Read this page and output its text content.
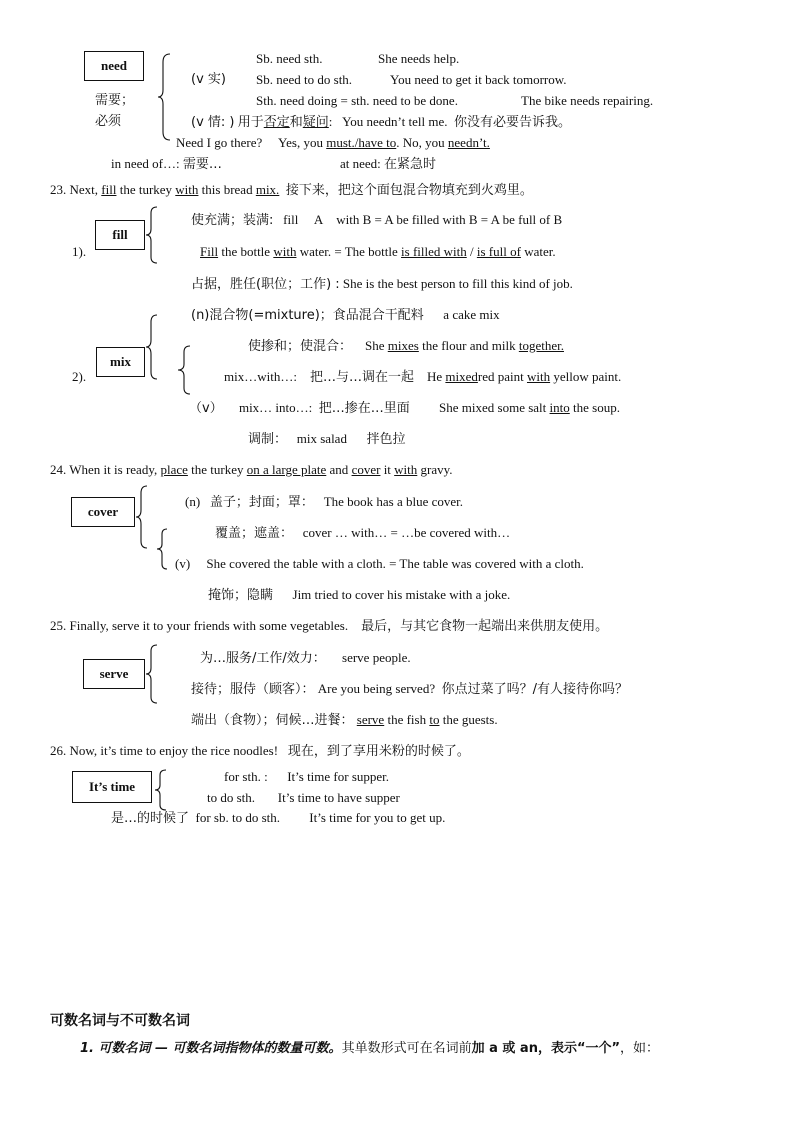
need
需要；
必须
Sb. need sth.	She needs help.
(v 实) Sb. need to do sth.	You need to get it back tomorrow.
Sth. need doing = sth. need to be done.	The bike needs repairing.
(v 情: ) 用于否定和疑问: You needn’t tell me. 你没有必要告诉我。
Need I go there? Yes, you must./have to. No, you needn’t.
in need of…: 需要…	at need: 在紧急时
23. Next, fill the turkey with this bread mix. 接下来，把这个面包混合物填充到火鸡里。
1).
fill
使充满；装满: fill A with B = A be filled with B = A be full of B
Fill the bottle with water. = The bottle is filled with / is full of water.
占据，胜任(职位；工作) : She is the best person to fill this kind of job.
(n)混合物(=mixture)；食品混合干配料 a cake mix
2).
mix
使掺和；使混合： She mixes the flour and milk together.
mix…with…: 把…与…调在一起 He mixedred paint with yellow paint.
（v） mix… into…: 把…掺在…里面 She mixed some salt into the soup.
调制： mix salad 拌色拉
24. When it is ready, place the turkey on a large plate and cover it with gravy.
cover
(n) 盖子；封面；罩： The book has a blue cover.
覆盖；遮盖： cover … with… = …be covered with…
(v) She covered the table with a cloth. = The table was covered with a cloth.
掩饰；隐瞒 Jim tried to cover his mistake with a joke.
25. Finally, serve it to your friends with some vegetables. 最后，与其它食物一起端出来供朋友使用。
serve
为…服务/工作/效力： serve people.
接待；服侍（顾客）： Are you being served? 你点过菜了吗？/有人接待你吗？
端出（食物）；伺候…进餐： serve the fish to the guests.
26. Now, it’s time to enjoy the rice noodles! 现在，到了享用米粉的时候了。
It’s time
for sth. : It’s time for supper.
to do sth. It’s time to have supper
是…的时候了 for sb. to do sth. It’s time for you to get up.
可数名词与不可数名词
1. 可数名词 — 可数名词指物体的数量可数。其单数形式可在名词前加 a 或 an，表示“一个”，如：
